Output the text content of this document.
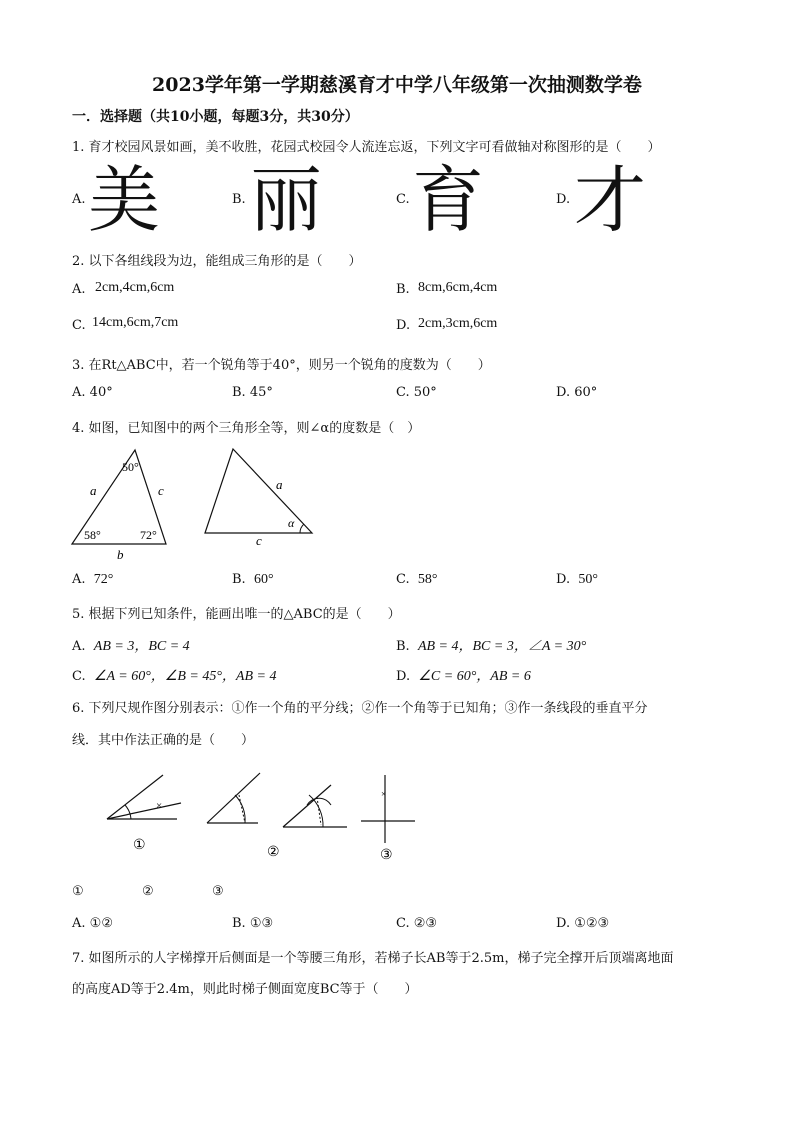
2023学年第一学期慈溪育才中学八年级第一次抽测数学卷
一．选择题（共10小题，每题3分，共30分）
1. 育才校园风景如画，美不收胜，花园式校园令人流连忘返，下列文字可看做轴对称图形的是（　　）
A. 美	B. 丽	C. 育	D. 才
2. 以下各组线段为边，能组成三角形的是（　　）
A. 2cm,4cm,6cm	B. 8cm,6cm,4cm
C. 14cm,6cm,7cm	D. 2cm,3cm,6cm
3. 在Rt△ABC中，若一个锐角等于40°，则另一个锐角的度数为（　　）
A. 40°	B. 45°	C. 50°	D. 60°
4. 如图，已知图中的两个三角形全等，则∠α的度数是（　）
50°
58°	72°
a	c
b
a
c
α
A. 72°	B. 60°	C. 58°	D. 50°
5. 根据下列已知条件，能画出唯一的△ABC的是（　　）
A. AB = 3，BC = 4	B. AB = 4，BC = 3，∠A = 30°
C. ∠A = 60°，∠B = 45°，AB = 4	D. ∠C = 60°，AB = 6
6. 下列尺规作图分别表示：①作一个角的平分线；②作一个角等于已知角；③作一条线段的垂直平分
线．其中作法正确的是（　　）
×
①	②
×
③
①	②	③
A. ①②	B. ①③	C. ②③	D. ①②③
7. 如图所示的人字梯撑开后侧面是一个等腰三角形，若梯子长AB等于2.5m，梯子完全撑开后顶端离地面
的高度AD等于2.4m，则此时梯子侧面宽度BC等于（　　）
